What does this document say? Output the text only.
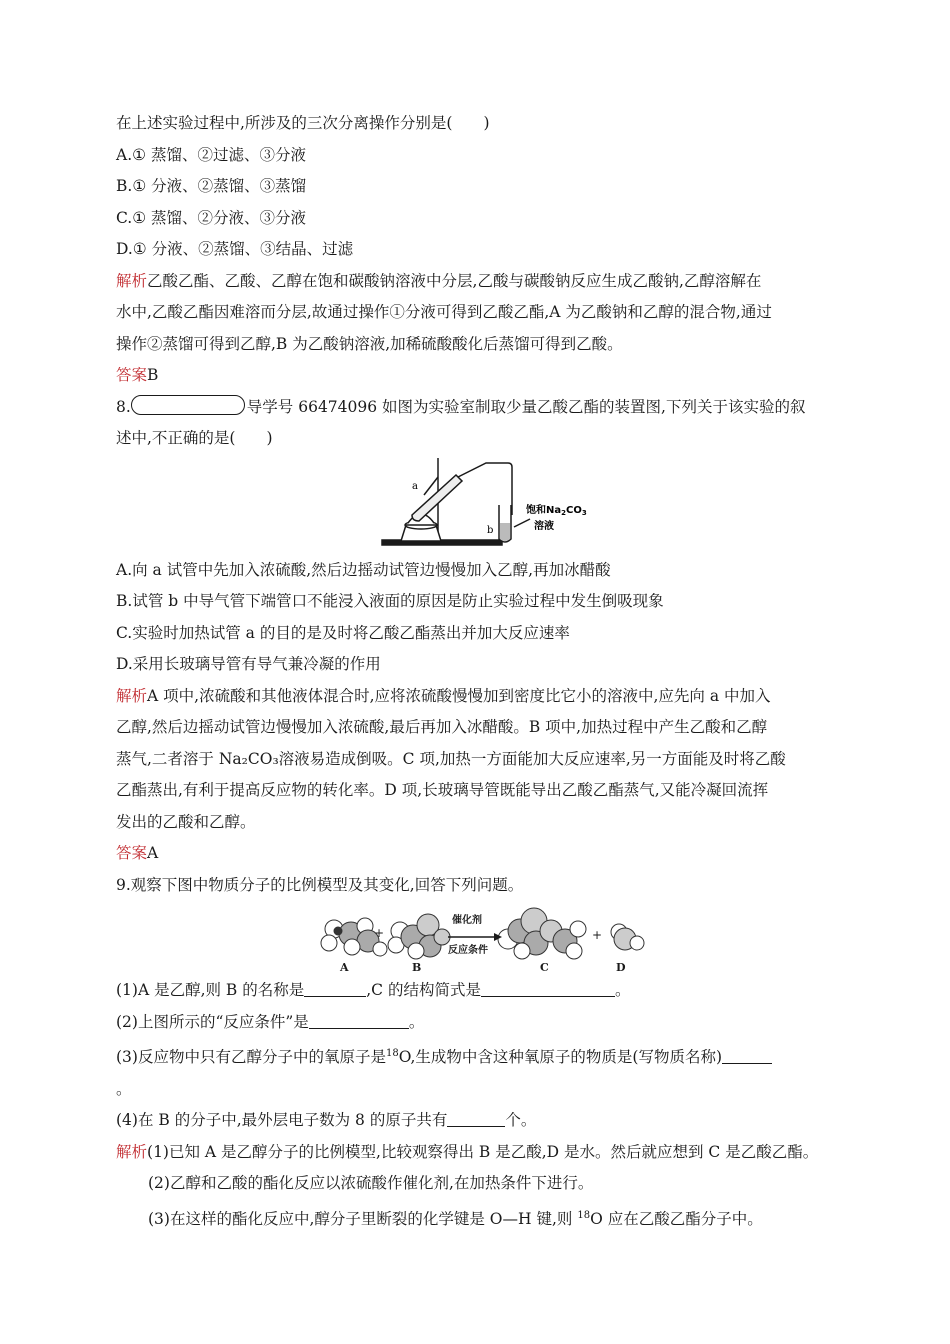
在上述实验过程中,所涉及的三次分离操作分别是(　　)
A.① 蒸馏、②过滤、③分液
B.① 分液、②蒸馏、③蒸馏
C.① 蒸馏、②分液、③分液
D.① 分液、②蒸馏、③结晶、过滤
解析乙酸乙酯、乙酸、乙醇在饱和碳酸钠溶液中分层,乙酸与碳酸钠反应生成乙酸钠,乙醇溶解在
水中,乙酸乙酯因难溶而分层,故通过操作①分液可得到乙酸乙酯,A 为乙酸钠和乙醇的混合物,通过
操作②蒸馏可得到乙醇,B 为乙酸钠溶液,加稀硫酸酸化后蒸馏可得到乙酸。
答案B
8.	导学号 66474096 如图为实验室制取少量乙酸乙酯的装置图,下列关于该实验的叙
述中,不正确的是(　　)
a
b
饱和$Na_2CO_3$
溶液
A.向 a 试管中先加入浓硫酸,然后边摇动试管边慢慢加入乙醇,再加冰醋酸
B.试管 b 中导气管下端管口不能浸入液面的原因是防止实验过程中发生倒吸现象
C.实验时加热试管 a 的目的是及时将乙酸乙酯蒸出并加大反应速率
D.采用长玻璃导管有导气兼冷凝的作用
解析A 项中,浓硫酸和其他液体混合时,应将浓硫酸慢慢加到密度比它小的溶液中,应先向 a 中加入
乙醇,然后边摇动试管边慢慢加入浓硫酸,最后再加入冰醋酸。B 项中,加热过程中产生乙酸和乙醇
蒸气,二者溶于 Na₂CO₃溶液易造成倒吸。C 项,加热一方面能加大反应速率,另一方面能及时将乙酸
乙酯蒸出,有利于提高反应物的转化率。D 项,长玻璃导管既能导出乙酸乙酯蒸气,又能冷凝回流挥
发出的乙酸和乙醇。
答案A
9.观察下图中物质分子的比例模型及其变化,回答下列问题。
催化剂
反应条件
+	+
A	B	C	D
(1)A 是乙醇,则 B 的名称是	,C 的结构简式是	。
(2)上图所示的“反应条件”是	。
(3)反应物中只有乙醇分子中的氧原子是$^{18}$O,生成物中含这种氧原子的物质是(写物质名称)
。
(4)在 B 的分子中,最外层电子数为 8 的原子共有	个。
解析(1)已知 A 是乙醇分子的比例模型,比较观察得出 B 是乙酸,D 是水。然后就应想到 C 是乙酸乙酯。
(2)乙醇和乙酸的酯化反应以浓硫酸作催化剂,在加热条件下进行。
(3)在这样的酯化反应中,醇分子里断裂的化学键是 O—H 键,则 $^{18}$O 应在乙酸乙酯分子中。
